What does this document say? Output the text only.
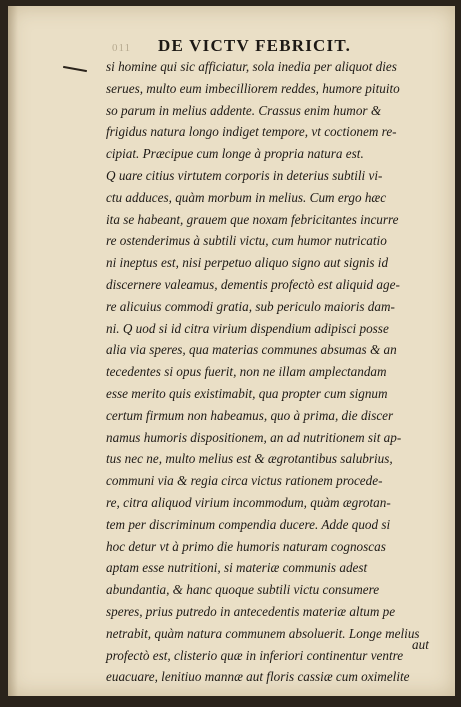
011 DE VICTV FEBRICIT.
si homine qui sic afficiatur, sola inedia per aliquot dies
serues, multo eum imbecilliorem reddes, humore pituito
so parum in melius addente. Crassus enim humor &
frigidus natura longo indiget tempore, vt coctionem re-
cipiat. Præcipue cum longe à propria natura est.
Q uare citius virtutem corporis in deterius subtili vi-
ctu adduces, quàm morbum in melius. Cum ergo hæc
ita se habeant, grauem que noxam febricitantes incurre
re ostenderimus à subtili victu, cum humor nutricatio
ni ineptus est, nisi perpetuo aliquo signo aut signis id
discernere valeamus, dementis profectò est aliquid age-
re alicuius commodi gratia, sub periculo maioris dam-
ni. Q uod si id citra virium dispendium adipisci posse
alia via speres, qua materias communes absumas & an
tecedentes si opus fuerit, non ne illam amplectandam
esse merito quis existimabit, qua propter cum signum
certum firmum non habeamus, quo à prima, die discer
namus humoris dispositionem, an ad nutritionem sit ap-
tus nec ne, multo melius est & ægrotantibus salubrius,
communi via & regia circa victus rationem procede-
re, citra aliquod virium incommodum, quàm ægrotan-
tem per discriminum compendia ducere. Adde quod si
hoc detur vt à primo die humoris naturam cognoscas
aptam esse nutritioni, si materiæ communis adest
abundantia, & hanc quoque subtili victu consumere
speres, prius putredo in antecedentis materiæ altum pe
netrabit, quàm natura communem absoluerit. Longe melius
profectò est, clisterio quæ in inferiori continentur ventre
euacuare, lenitiuo mannæ aut floris cassiæ cum oximelite
aut
